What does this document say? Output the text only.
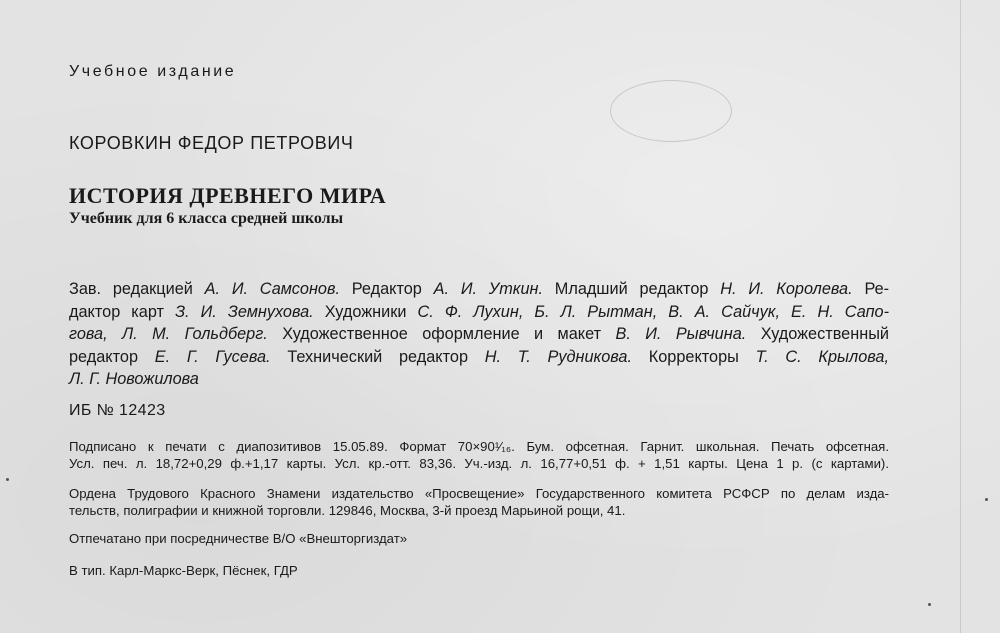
Учебное издание

КОРОВКИН ФЕДОР ПЕТРОВИЧ

ИСТОРИЯ ДРЕВНЕГО МИРА

Учебник для 6 класса средней школы

Зав. редакцией А. И. Самсонов. Редактор А. И. Уткин. Младший редактор Н. И. Королева. Ре-
дактор карт З. И. Земнухова. Художники С. Ф. Лухин, Б. Л. Рытман, В. А. Сайчук, Е. Н. Сапо-
гова, Л. М. Гольдберг. Художественное оформление и макет В. И. Рывчина. Художественный
редактор Е. Г. Гусева. Технический редактор Н. Т. Рудникова. Корректоры Т. С. Крылова,
Л. Г. Новожилова

ИБ № 12423

Подписано к печати с диапозитивов 15.05.89. Формат 70×90¹⁄₁₆. Бум. офсетная. Гарнит. школьная. Печать офсетная.
Усл. печ. л. 18,72+0,29 ф.+1,17 карты. Усл. кр.-отт. 83,36. Уч.-изд. л. 16,77+0,51 ф. + 1,51 карты. Цена 1 р. (с картами).
Ордена Трудового Красного Знамени издательство «Просвещение» Государственного комитета РСФСР по делам изда-
тельств, полиграфии и книжной торговли. 129846, Москва, 3-й проезд Марьиной рощи, 41.

Отпечатано при посредничестве В/О «Внешторгиздат»

В тип. Карл-Маркс-Верк, Пёснек, ГДР
